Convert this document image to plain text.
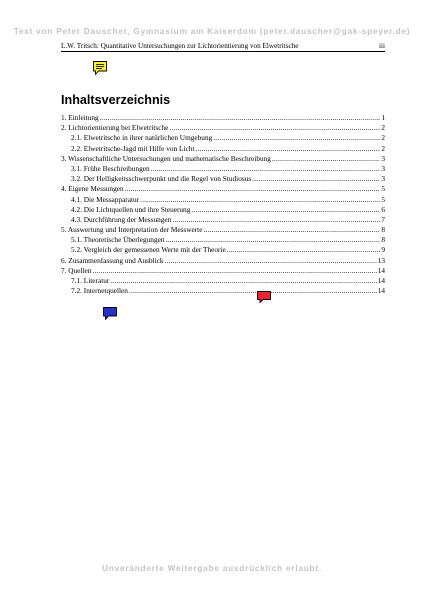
Text von Peter Dauscher, Gymnasium am Kaiserdom (peter.dauscher@gak-speyer.de)
L.W. Tritsch: Quantitative Untersuchungen zur Lichtorientierung von Elwetritsche	iii
Inhaltsverzeichnis
1. Einleitung .....	1
2. Lichtorientierung bei Elwetritsche .....	2
2.1. Elwetritsche in ihrer natürlichen Umgebung .....	2
2.2. Elwetritsche-Jagd mit Hilfe von Licht .....	2
3. Wissenschaftliche Untersuchungen und mathematische Beschreibung .....	3
3.1. Frühe Beschreibungen .....	3
3.2. Der Helligkeitsschwerpunkt und die Regel von Studiosus .....	3
4. Eigene Messungen .....	5
4.1. Die Messapparatur .....	5
4.2. Die Lichtquellen und ihre Steuerung .....	6
4.3. Durchführung der Messungen .....	7
5. Auswertung und Interpretation der Messwerte .....	8
5.1. Theoretische Überlegungen .....	8
5.2. Vergleich der gemessenen Werte mit der Theorie .....	9
6. Zusammenfassung und Ausblick .....	13
7. Quellen .....	14
7.1. Literatur .....	14
7.2. Internetquellen .....	14
Unveränderte Weitergabe ausdrücklich erlaubt.
